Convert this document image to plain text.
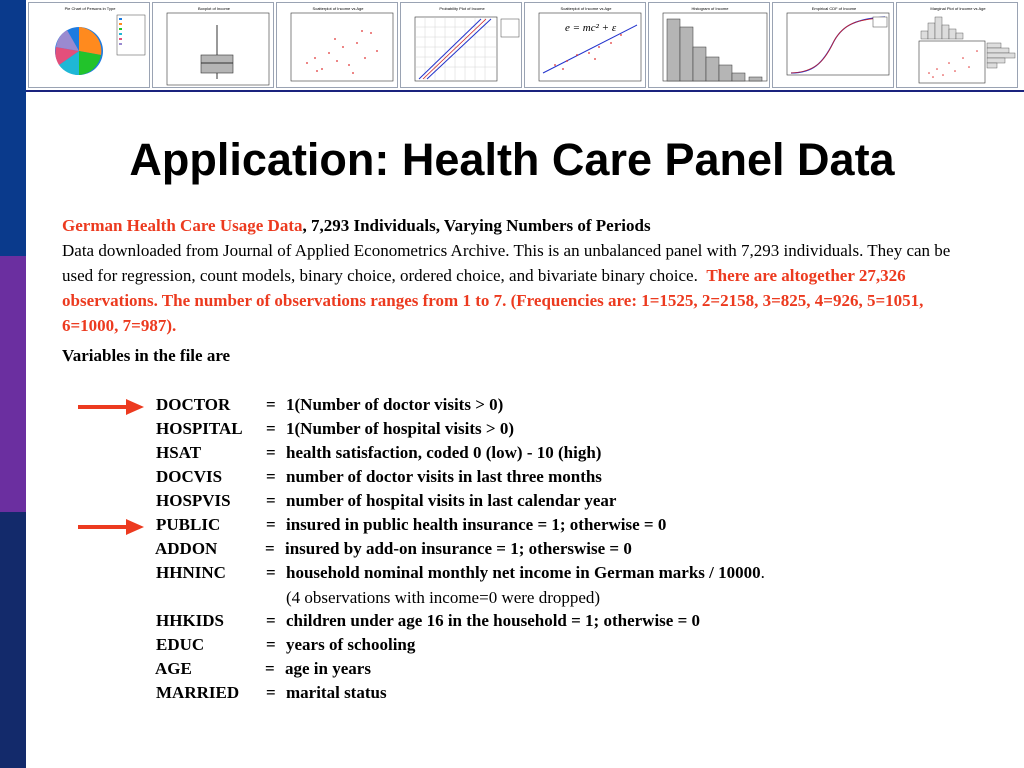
Pie Chart of Persons in Type	Boxplot of Income	Scatterplot of Income vs Age	Probability Plot of Income	Scatterplot of Income vs Age
e = mc² + ε
Histogram of Income	Empirical CDF of Income	Marginal Plot of Income vs Age
Application: Health Care Panel Data
German Health Care Usage Data, 7,293 Individuals, Varying Numbers of Periods
Data downloaded from Journal of Applied Econometrics Archive. This is an unbalanced panel with 7,293 individuals. They can be used for regression, count models, binary choice, ordered choice, and bivariate binary choice. There are altogether 27,326 observations. The number of observations ranges from 1 to 7. (Frequencies are: 1=1525, 2=2158, 3=825, 4=926, 5=1051, 6=1000, 7=987).
Variables in the file are
DOCTOR = 1(Number of doctor visits > 0)
HOSPITAL = 1(Number of hospital visits > 0)
HSAT	= health satisfaction, coded 0 (low) - 10 (high)
DOCVIS	= number of doctor visits in last three months
HOSPVIS = number of hospital visits in last calendar year
PUBLIC	= insured in public health insurance = 1; otherwise = 0
ADDON	= insured by add-on insurance = 1; otherswise = 0
HHNINC = household nominal monthly net income in German marks / 10000.
HHKIDS = children under age 16 in the household = 1; otherwise = 0
EDUC	= years of schooling
AGE	= age in years
MARRIED = marital status
(4 observations with income=0 were dropped)
